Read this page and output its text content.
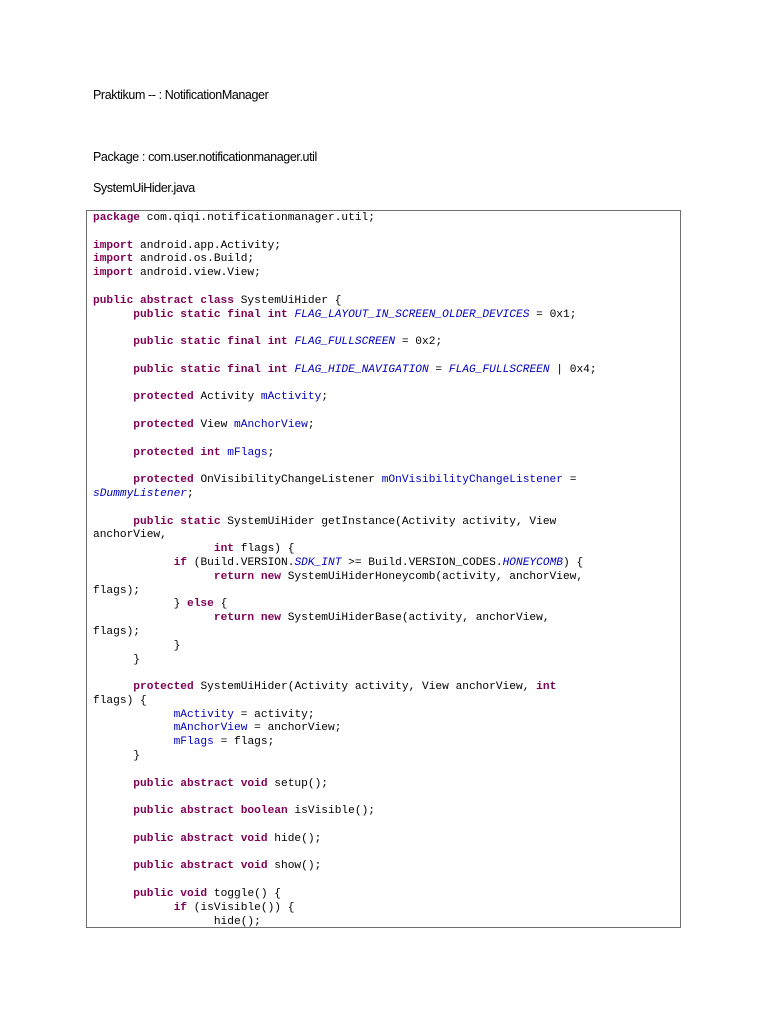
Praktikum -- : NotificationManager
Package : com.user.notificationmanager.util
SystemUiHider.java
package com.qiqi.notificationmanager.util;

import android.app.Activity;
import android.os.Build;
import android.view.View;

public abstract class SystemUiHider {
public static final int FLAG_LAYOUT_IN_SCREEN_OLDER_DEVICES = 0x1;

public static final int FLAG_FULLSCREEN = 0x2;

public static final int FLAG_HIDE_NAVIGATION = FLAG_FULLSCREEN | 0x4;

protected Activity mActivity;

protected View mAnchorView;

protected int mFlags;

protected OnVisibilityChangeListener mOnVisibilityChangeListener =
sDummyListener;

public static SystemUiHider getInstance(Activity activity, View
anchorView,
int flags) {
if (Build.VERSION.SDK_INT >= Build.VERSION_CODES.HONEYCOMB) {
return new SystemUiHiderHoneycomb(activity, anchorView,
flags);
} else {
return new SystemUiHiderBase(activity, anchorView,
flags);
}
}

protected SystemUiHider(Activity activity, View anchorView, int
flags) {
mActivity = activity;
mAnchorView = anchorView;
mFlags = flags;
}

public abstract void setup();

public abstract boolean isVisible();

public abstract void hide();

public abstract void show();

public void toggle() {
if (isVisible()) {
hide();
